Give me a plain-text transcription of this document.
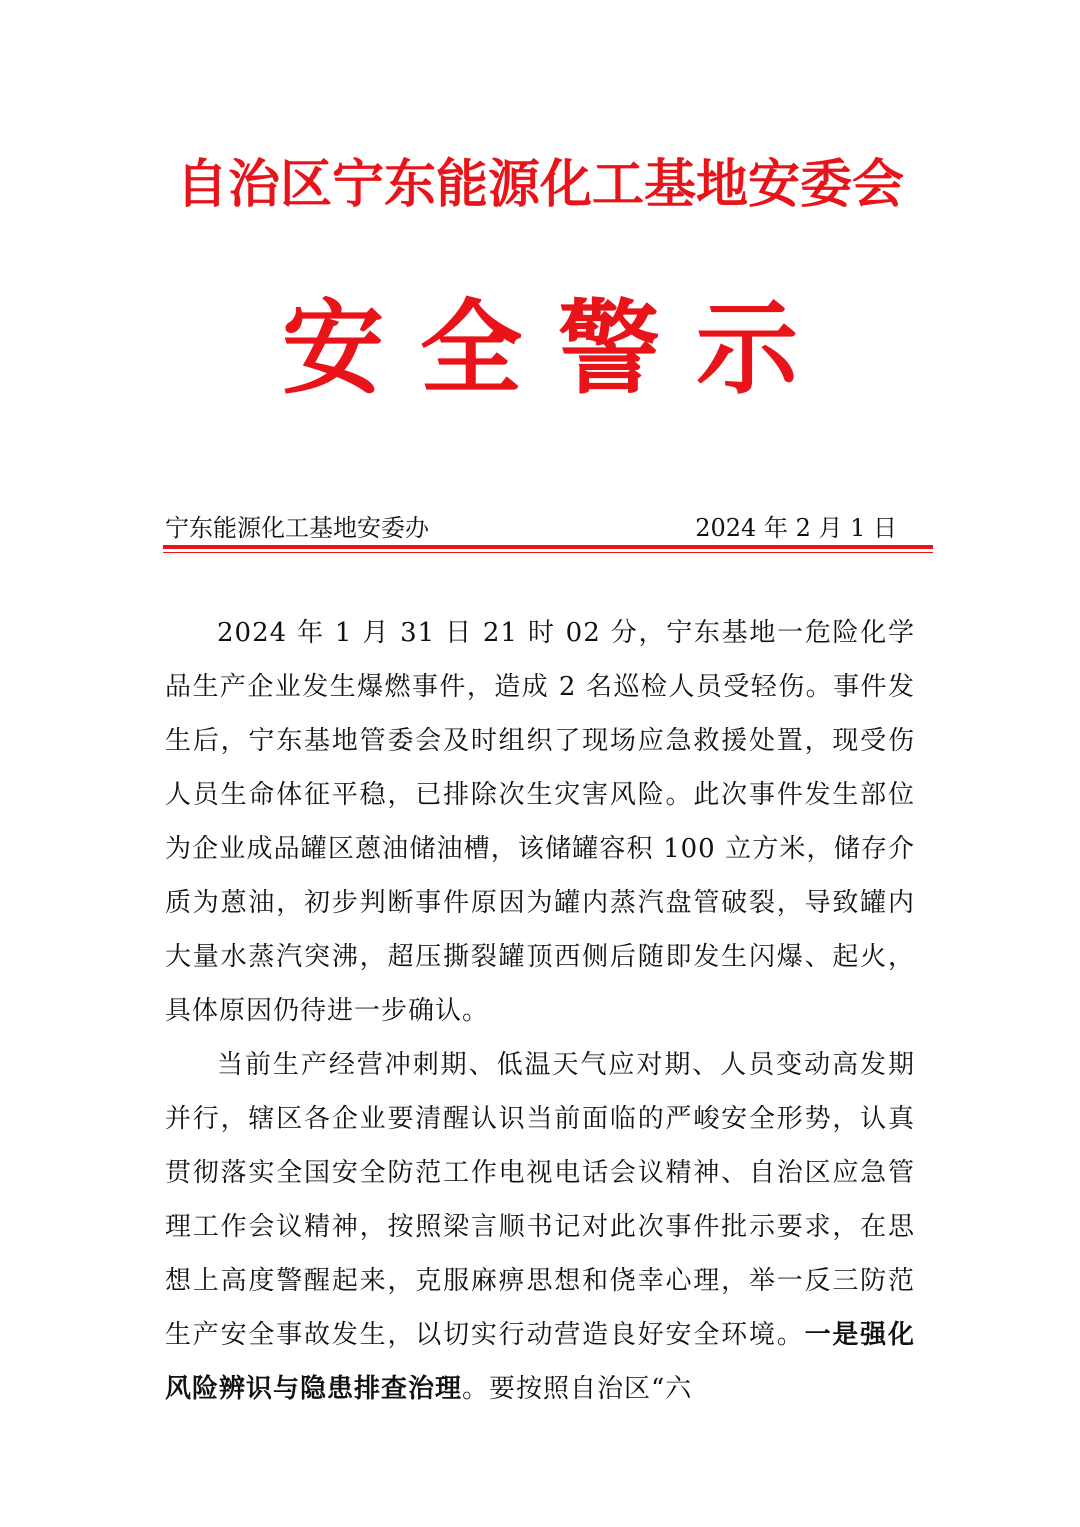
自治区宁东能源化工基地安委会
安全警示
宁东能源化工基地安委办	2024 年 2 月 1 日

2024 年 1 月 31 日 21 时 02 分，宁东基地一危险化学品生产企业发生爆燃事件，造成 2 名巡检人员受轻伤。事件发生后，宁东基地管委会及时组织了现场应急救援处置，现受伤人员生命体征平稳，已排除次生灾害风险。此次事件发生部位为企业成品罐区蒽油储油槽，该储罐容积 100 立方米，储存介质为蒽油，初步判断事件原因为罐内蒸汽盘管破裂，导致罐内大量水蒸汽突沸，超压撕裂罐顶西侧后随即发生闪爆、起火，具体原因仍待进一步确认。

当前生产经营冲刺期、低温天气应对期、人员变动高发期并行，辖区各企业要清醒认识当前面临的严峻安全形势，认真贯彻落实全国安全防范工作电视电话会议精神、自治区应急管理工作会议精神，按照梁言顺书记对此次事件批示要求，在思想上高度警醒起来，克服麻痹思想和侥幸心理，举一反三防范生产安全事故发生，以切实行动营造良好安全环境。一是强化风险辨识与隐患排查治理。要按照自治区“六
